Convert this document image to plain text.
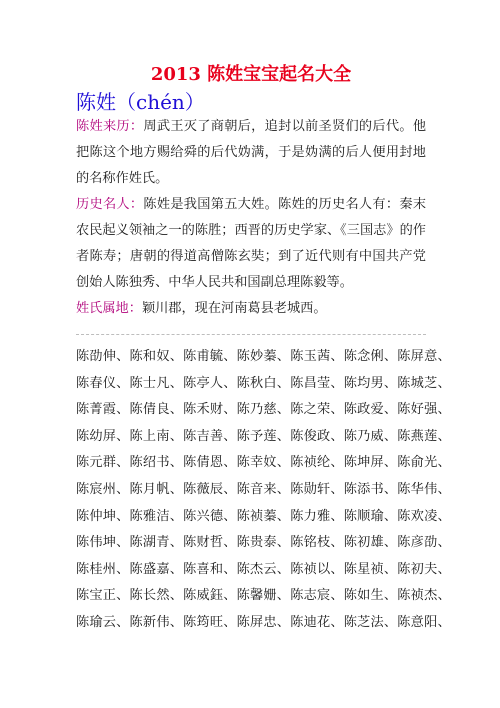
2013 陈姓宝宝起名大全
陈姓（chén）
陈姓来历：周武王灭了商朝后，追封以前圣贤们的后代。他把陈这个地方赐给舜的后代妫满，于是妫满的后人便用封地的名称作姓氏。
历史名人：陈姓是我国第五大姓。陈姓的历史名人有：秦末农民起义领袖之一的陈胜；西晋的历史学家、《三国志》的作者陈寿；唐朝的得道高僧陈玄奘；到了近代则有中国共产党创始人陈独秀、中华人民共和国副总理陈毅等。
姓氏属地：颖川郡，现在河南葛县老城西。
陈劭伸、陈和奴、陈甫毓、陈妙蓁、陈玉茜、陈念俐、陈屏意、
陈春仪、陈士凡、陈亭人、陈秋白、陈昌莹、陈均男、陈城芝、
陈菁霞、陈倩良、陈禾财、陈乃慈、陈之荣、陈政爱、陈好强、
陈幼屏、陈上南、陈吉善、陈予莲、陈俊政、陈乃威、陈燕莲、
陈元群、陈绍书、陈倩恩、陈幸妏、陈祯纶、陈坤屏、陈俞光、
陈宸州、陈月帆、陈薇辰、陈音来、陈勋轩、陈添书、陈华伟、
陈仲坤、陈雅洁、陈兴德、陈祯蓁、陈力雅、陈顺瑜、陈欢凌、
陈伟坤、陈湖青、陈财哲、陈贵泰、陈铭枝、陈初雄、陈彦劭、
陈桂州、陈盛嘉、陈喜和、陈杰云、陈祯以、陈星祯、陈初夫、
陈宝正、陈长然、陈威鈺、陈馨姗、陈志宸、陈如生、陈祯杰、
陈瑜云、陈新伟、陈筠旺、陈屏忠、陈迪花、陈芝法、陈意阳、
